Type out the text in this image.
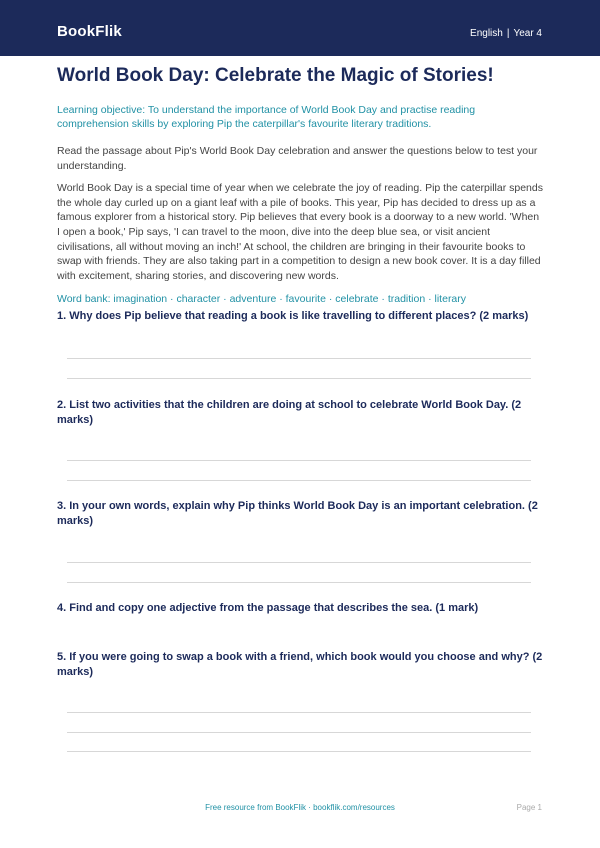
BookFlik	English | Year 4
World Book Day: Celebrate the Magic of Stories!
Learning objective: To understand the importance of World Book Day and practise reading comprehension skills by exploring Pip the caterpillar's favourite literary traditions.

Read the passage about Pip's World Book Day celebration and answer the questions below to test your understanding.

World Book Day is a special time of year when we celebrate the joy of reading. Pip the caterpillar spends the whole day curled up on a giant leaf with a pile of books. This year, Pip has decided to dress up as a famous explorer from a historical story. Pip believes that every book is a doorway to a new world. 'When I open a book,' Pip says, 'I can travel to the moon, dive into the deep blue sea, or visit ancient civilisations, all without moving an inch!' At school, the children are bringing in their favourite books to swap with friends. They are also taking part in a competition to design a new book cover. It is a day filled with excitement, sharing stories, and discovering new words.

Word bank: imagination · character · adventure · favourite · celebrate · tradition · literary
1. Why does Pip believe that reading a book is like travelling to different places? (2 marks)
2. List two activities that the children are doing at school to celebrate World Book Day. (2 marks)
3. In your own words, explain why Pip thinks World Book Day is an important celebration. (2 marks)
4. Find and copy one adjective from the passage that describes the sea. (1 mark)
5. If you were going to swap a book with a friend, which book would you choose and why? (2 marks)
Free resource from BookFlik · bookflik.com/resources	Page 1
